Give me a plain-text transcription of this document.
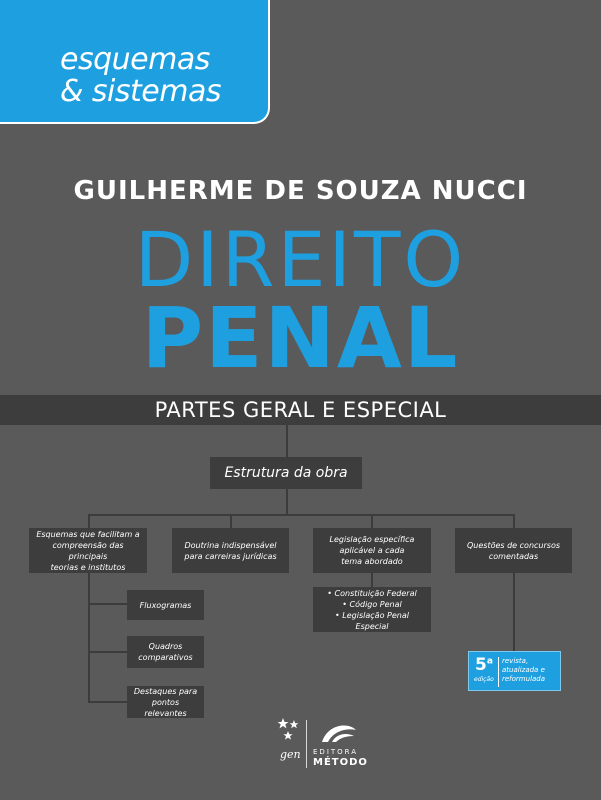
esquemas
& sistemas
GUILHERME DE SOUZA NUCCI
DIREITO
PENAL
PARTES GERAL E ESPECIAL
Estrutura da obra
Esquemas que facilitam a
compreensão das principais
teorias e institutos
Doutrina indispensável
para carreiras jurídicas
Legislação específica
aplicável a cada
tema abordado
Questões de concursos
comentadas
Fluxogramas
Quadros
comparativos
Destaques para
pontos relevantes
• Constituição Federal
• Código Penal
• Legislação Penal Especial
5$^a$
edição
revista,
atualizada e
reformulada
gen EDITORA
MÉTODO
